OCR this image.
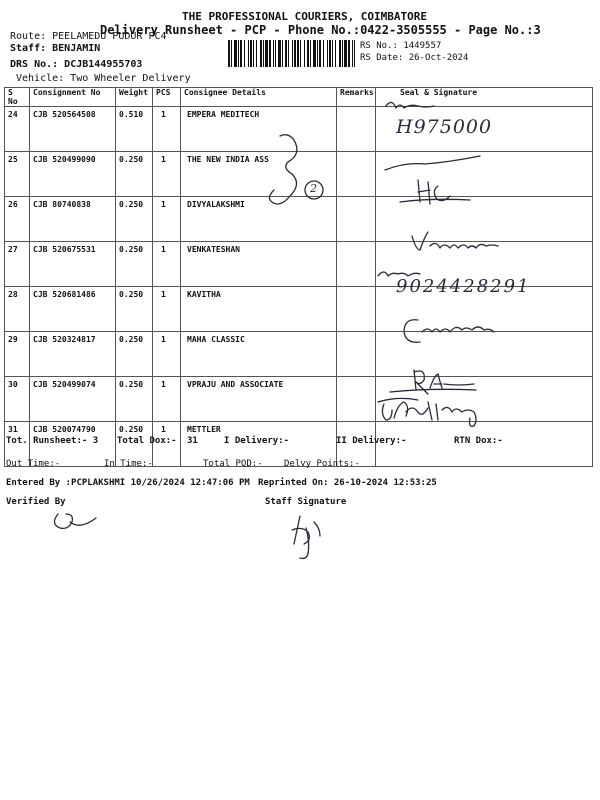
THE PROFESSIONAL COURIERS, COIMBATORE
Delivery Runsheet - PCP - Phone No.:0422-3505555 - Page No.:3
Route: PEELAMEDU PUDUR PC4
Staff: BENJAMIN
DRS No.: DCJB144955703
Vehicle: Two Wheeler Delivery
RS No.: 1449557
RS Date: 26-Oct-2024
S No	Consignment No	Weight	PCS	Consignee Details	Remarks	Seal & Signature
24	CJB 520564508	0.510	1	EMPERA MEDITECH		
25	CJB 520499090	0.250	1	THE NEW INDIA ASS		
26	CJB 80740838	0.250	1	DIVYALAKSHMI		
27	CJB 520675531	0.250	1	VENKATESHAN		
28	CJB 520681486	0.250	1	KAVITHA		
29	CJB 520324817	0.250	1	MAHA CLASSIC		
30	CJB 520499074	0.250	1	VPRAJU AND ASSOCIATE		
31	CJB 520074790	0.250	1	METTLER		
H975000
2
9024428291
Tot. Runsheet:- 3 Total Dox:- 31	I Delivery:-	II Delivery:-	RTN Dox:-
Out Time:-	In Time:-	Total POD:- Delvy Points:-
Entered By :PCPLAKSHMI 10/26/2024 12:47:06 PM Reprinted On: 26-10-2024 12:53:25
Verified By	Staff Signature
